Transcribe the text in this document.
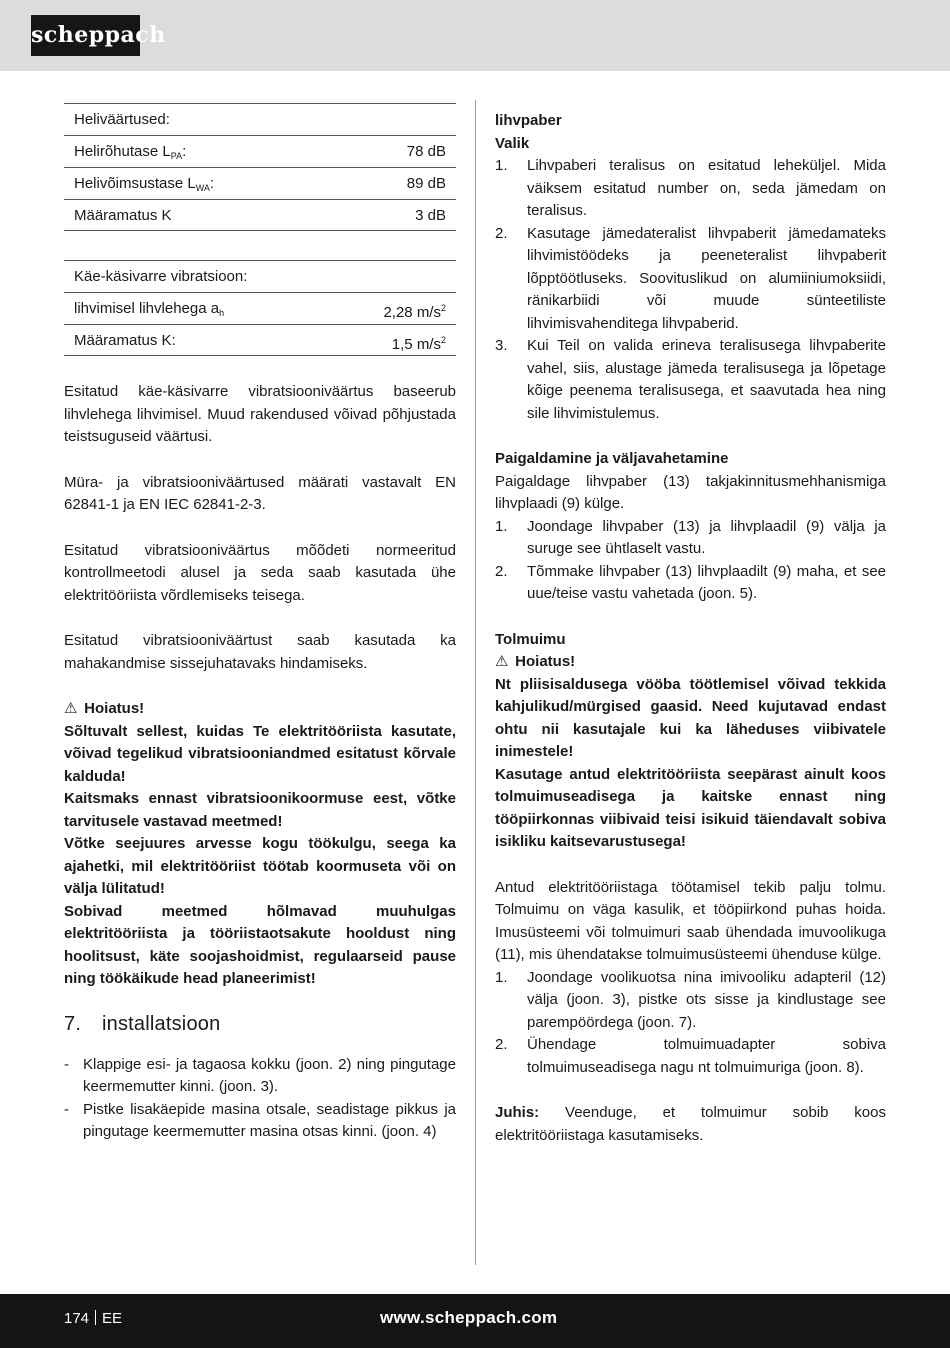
scheppach
Heliväärtused:
Helirõhutase $L_{PA}$:	78 dB
Helivõimsustase $L_{WA}$:	89 dB
Määramatus K	3 dB
Käe-käsivarre vibratsioon:
lihvimisel lihvlehega $a_h$	2,28 $m/s^2$
Määramatus K:	1,5 $m/s^2$

Esitatud käe-käsivarre vibratsiooniväärtus baseerub lihvlehega lihvimisel. Muud rakendused võivad põhjustada teistsuguseid väärtusi.

Müra- ja vibratsiooniväärtused määrati vastavalt EN 62841-1 ja EN IEC 62841-2-3.

Esitatud vibratsiooniväärtus mõõdeti normeeritud kontrollmeetodi alusel ja seda saab kasutada ühe elektritööriista võrdlemiseks teisega.

Esitatud vibratsiooniväärtust saab kasutada ka mahakandmise sissejuhatavaks hindamiseks.

⚠ Hoiatus!

Sõltuvalt sellest, kuidas Te elektritööriista kasutate, võivad tegelikud vibratsiooniandmed esitatust kõrvale kalduda!

Kaitsmaks ennast vibratsioonikoormuse eest, võtke tarvitusele vastavad meetmed!

Võtke seejuures arvesse kogu töökulgu, seega ka ajahetki, mil elektritööriist töötab koormuseta või on välja lülitatud!

Sobivad meetmed hõlmavad muuhulgas elektritööriista ja tööriistaotsakute hooldust ning hoolitsust, käte soojashoidmist, regulaarseid pause ning töökäikude head planeerimist!

7. installatsioon
- Klappige esi- ja tagaosa kokku (joon. 2) ning pingutage keermemutter kinni. (joon. 3).
- Pistke lisakäepide masina otsale, seadistage pikkus ja pingutage keermemutter masina otsas kinni. (joon. 4)

lihvpaber

Valik

1. Lihvpaberi teralisus on esitatud leheküljel. Mida väiksem esitatud number on, seda jämedam on teralisus.
2. Kasutage jämedateralist lihvpaberit jämedamateks lihvimistöödeks ja peeneteralist lihvpaberit lõpptöötluseks. Soovituslikud on alumiiniumoksiidi, ränikarbiidi või muude sünteetiliste lihvimisvahenditega lihvpaberid.
3. Kui Teil on valida erineva teralisusega lihvpaberite vahel, siis, alustage jämeda teralisusega ja lõpetage kõige peenema teralisusega, et saavutada hea ning sile lihvimistulemus.

Paigaldamine ja väljavahetamine

Paigaldage lihvpaber (13) takjakinnitusmehhanismiga lihvplaadi (9) külge.

1. Joondage lihvpaber (13) ja lihvplaadil (9) välja ja suruge see ühtlaselt vastu.
2. Tõmmake lihvpaber (13) lihvplaadilt (9) maha, et see uue/teise vastu vahetada (joon. 5).

Tolmuimu

⚠ Hoiatus!

Nt pliisisaldusega vööba töötlemisel võivad tekkida kahjulikud/mürgised gaasid. Need kujutavad endast ohtu nii kasutajale kui ka läheduses viibivatele inimestele!

Kasutage antud elektritööriista seepärast ainult koos tolmuimuseadisega ja kaitske ennast ning tööpiirkonnas viibivaid teisi isikuid täiendavalt sobiva isikliku kaitsevarustusega!

Antud elektritööriistaga töötamisel tekib palju tolmu. Tolmuimu on väga kasulik, et tööpiirkond puhas hoida. Imusüsteemi või tolmuimuri saab ühendada imuvoolikuga (11), mis ühendatakse tolmuimusüsteemi ühenduse külge.

1. Joondage voolikuotsa nina imivooliku adapteril (12) välja (joon. 3), pistke ots sisse ja kindlustage see parempöördega (joon. 7).
2. Ühendage tolmuimuadapter sobiva tolmuimuseadisega nagu nt tolmuimuriga (joon. 8).

Juhis: Veenduge, et tolmuimur sobib koos elektritööriistaga kasutamiseks.

174 EE	www.scheppach.com
